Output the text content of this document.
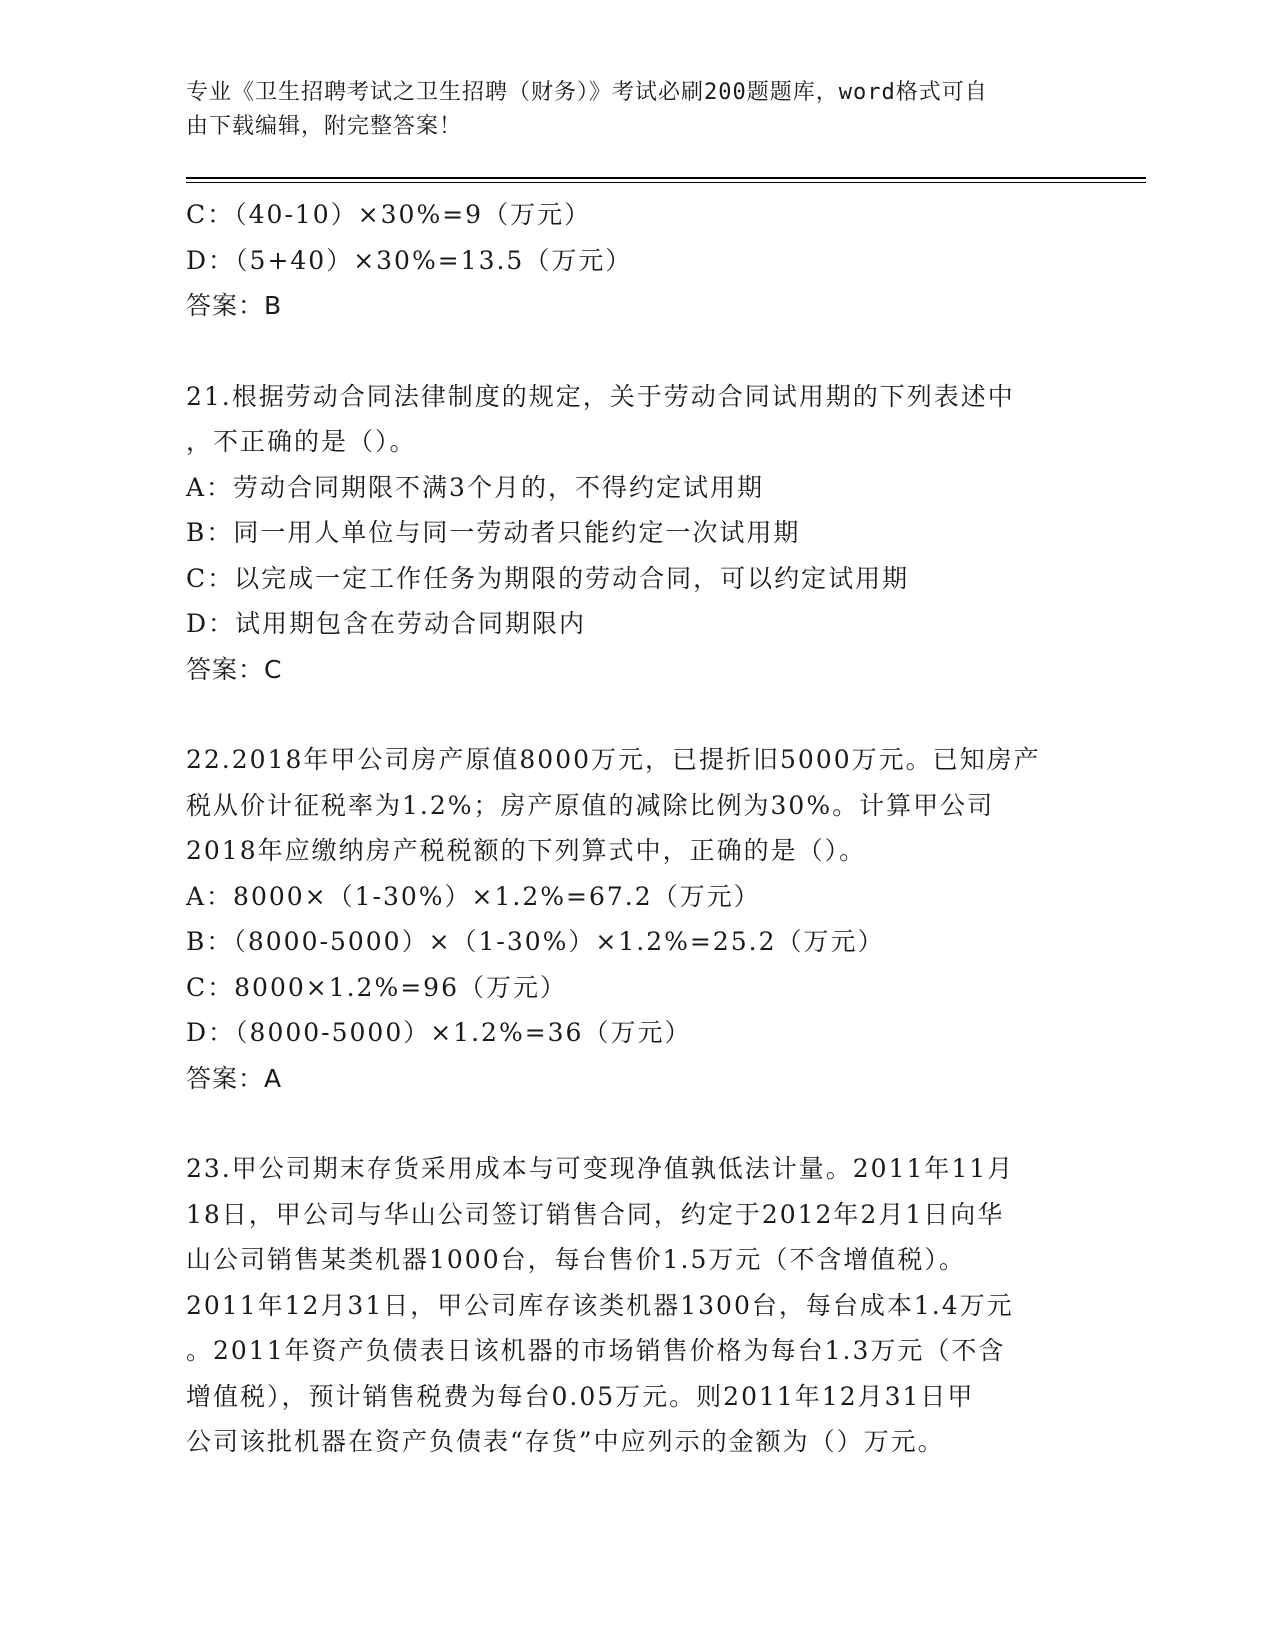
专业《卫生招聘考试之卫生招聘（财务）》考试必刷200题题库，word格式可自
由下载编辑，附完整答案！
C：（40-10）×30%=9（万元）
D：（5+40）×30%=13.5（万元）
答案：B
21.根据劳动合同法律制度的规定，关于劳动合同试用期的下列表述中
，不正确的是（）。
A：劳动合同期限不满3个月的，不得约定试用期
B：同一用人单位与同一劳动者只能约定一次试用期
C：以完成一定工作任务为期限的劳动合同，可以约定试用期
D：试用期包含在劳动合同期限内
答案：C
22.2018年甲公司房产原值8000万元，已提折旧5000万元。已知房产
税从价计征税率为1.2%；房产原值的减除比例为30%。计算甲公司
2018年应缴纳房产税税额的下列算式中，正确的是（）。
A：8000×（1-30%）×1.2%=67.2（万元）
B：（8000-5000）×（1-30%）×1.2%=25.2（万元）
C：8000×1.2%=96（万元）
D：（8000-5000）×1.2%=36（万元）
答案：A
23.甲公司期末存货采用成本与可变现净值孰低法计量。2011年11月
18日，甲公司与华山公司签订销售合同，约定于2012年2月1日向华
山公司销售某类机器1000台，每台售价1.5万元（不含增值税）。
2011年12月31日，甲公司库存该类机器1300台，每台成本1.4万元
。2011年资产负债表日该机器的市场销售价格为每台1.3万元（不含
增值税），预计销售税费为每台0.05万元。则2011年12月31日甲
公司该批机器在资产负债表“存货”中应列示的金额为（）万元。
